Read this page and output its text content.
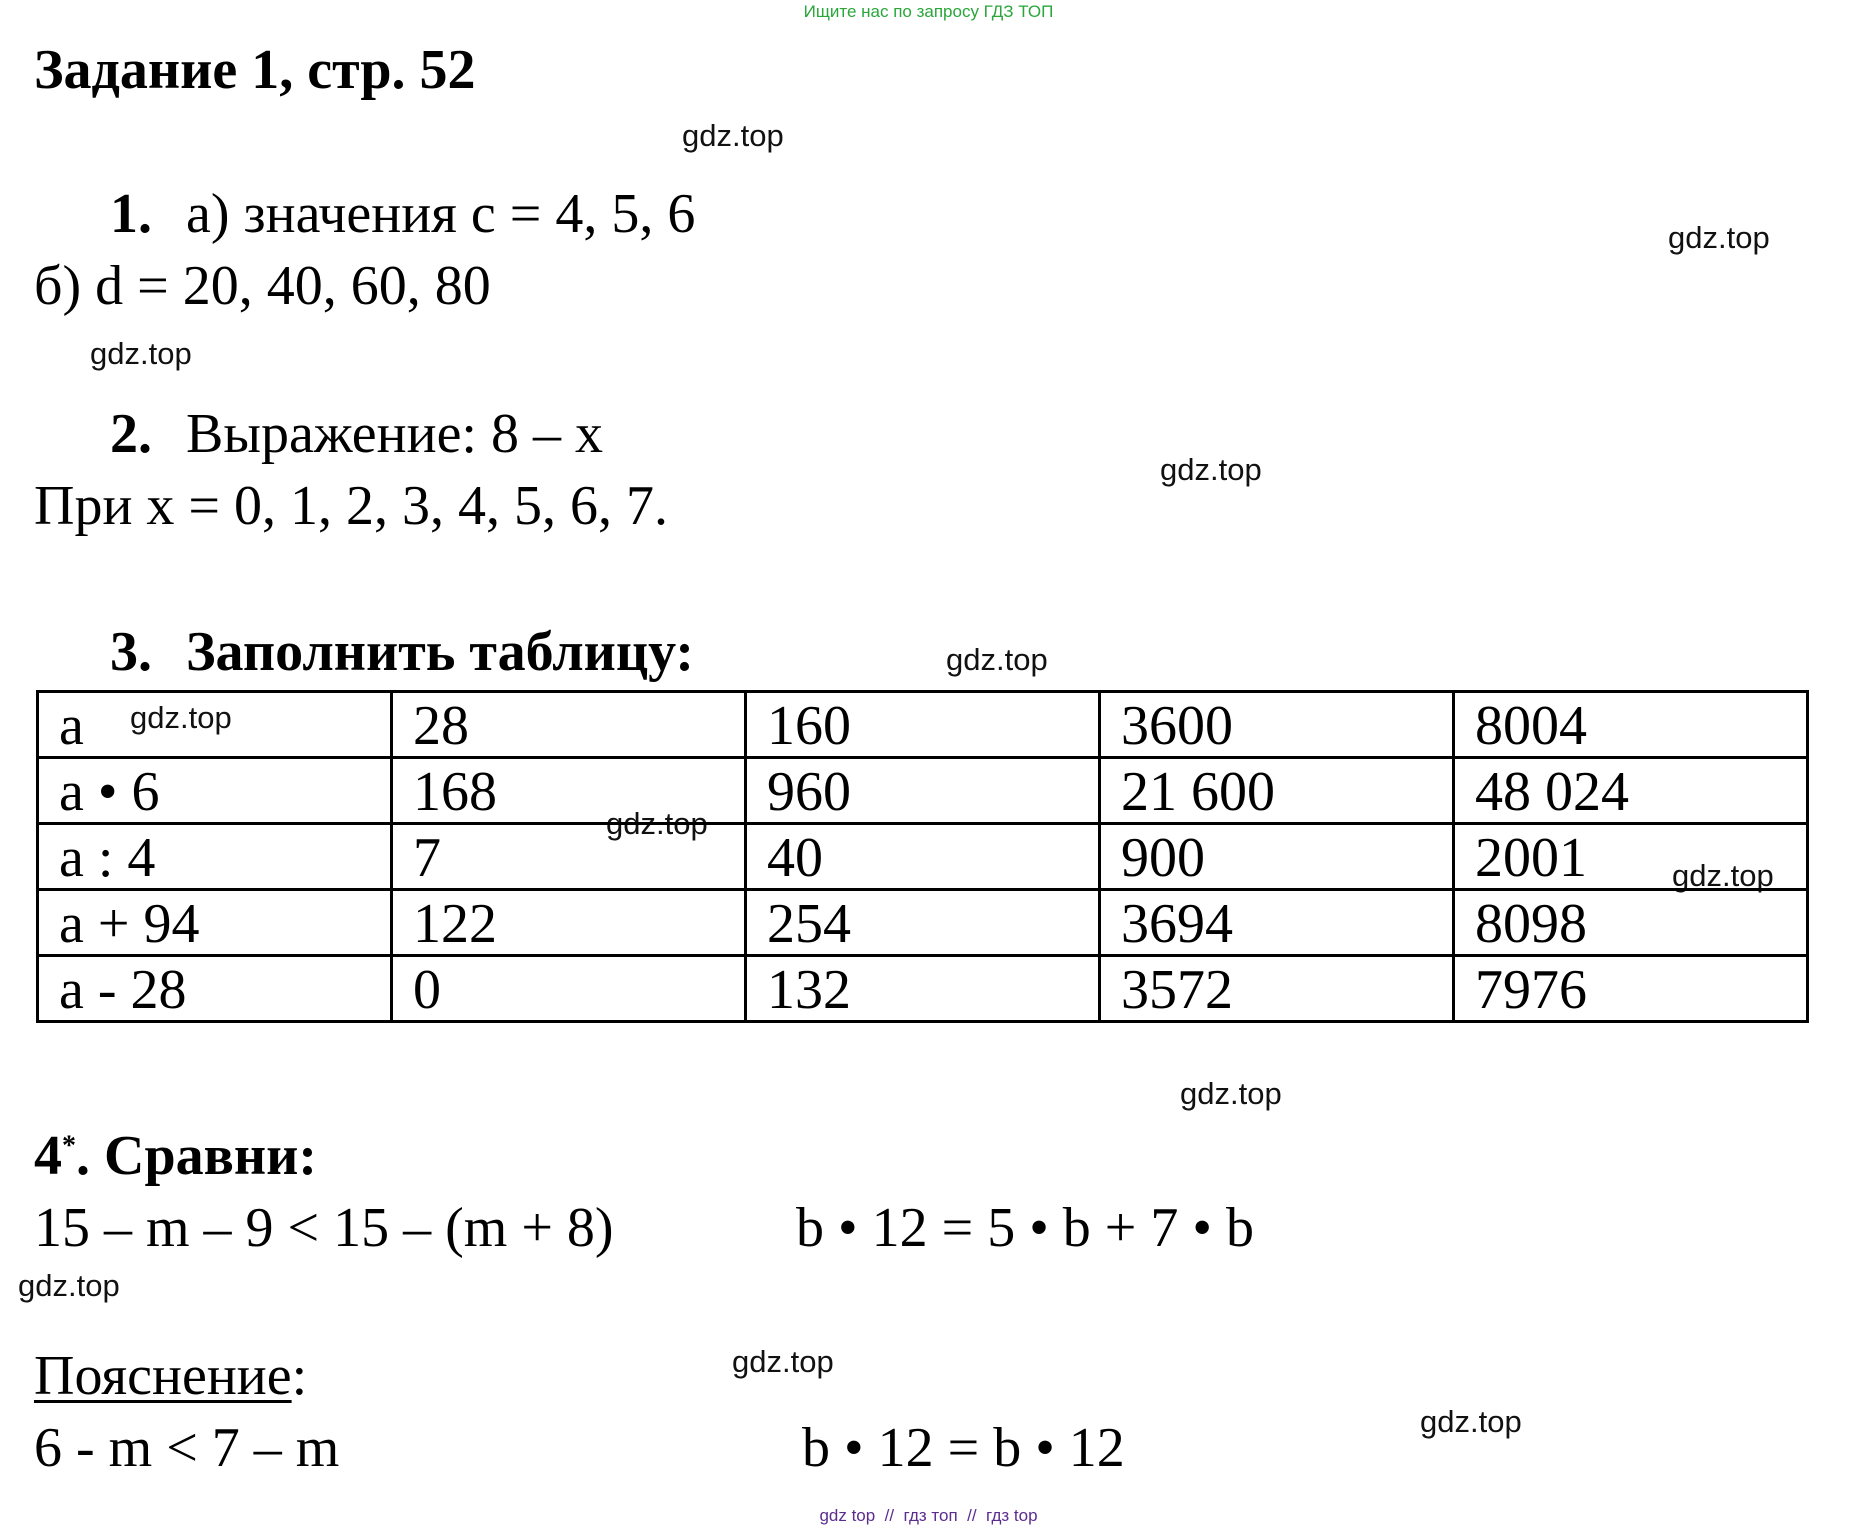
Ищите нас по запросу ГДЗ ТОП
Задание 1, стр. 52
gdz.top
gdz.top
gdz.top
gdz.top
gdz.top
gdz.top
gdz.top
gdz.top
gdz.top
gdz.top
gdz.top
gdz.top
1. а) значения с = 4, 5, 6
б) d = 20, 40, 60, 80
2. Выражение: 8 – х
При х = 0, 1, 2, 3, 4, 5, 6, 7.
3. Заполнить таблицу:
а	28	160	3600	8004
а • 6	168	960	21 600	48 024
а : 4	7	40	900	2001
а + 94	122	254	3694	8098
а - 28	0	132	3572	7976
4*. Сравни:
15 – m – 9 < 15 – (m + 8)	b • 12 = 5 • b + 7 • b
Пояснение:
6 - m < 7 – m	b • 12 = b • 12
gdz top  //  гдз топ  //  гдз top
